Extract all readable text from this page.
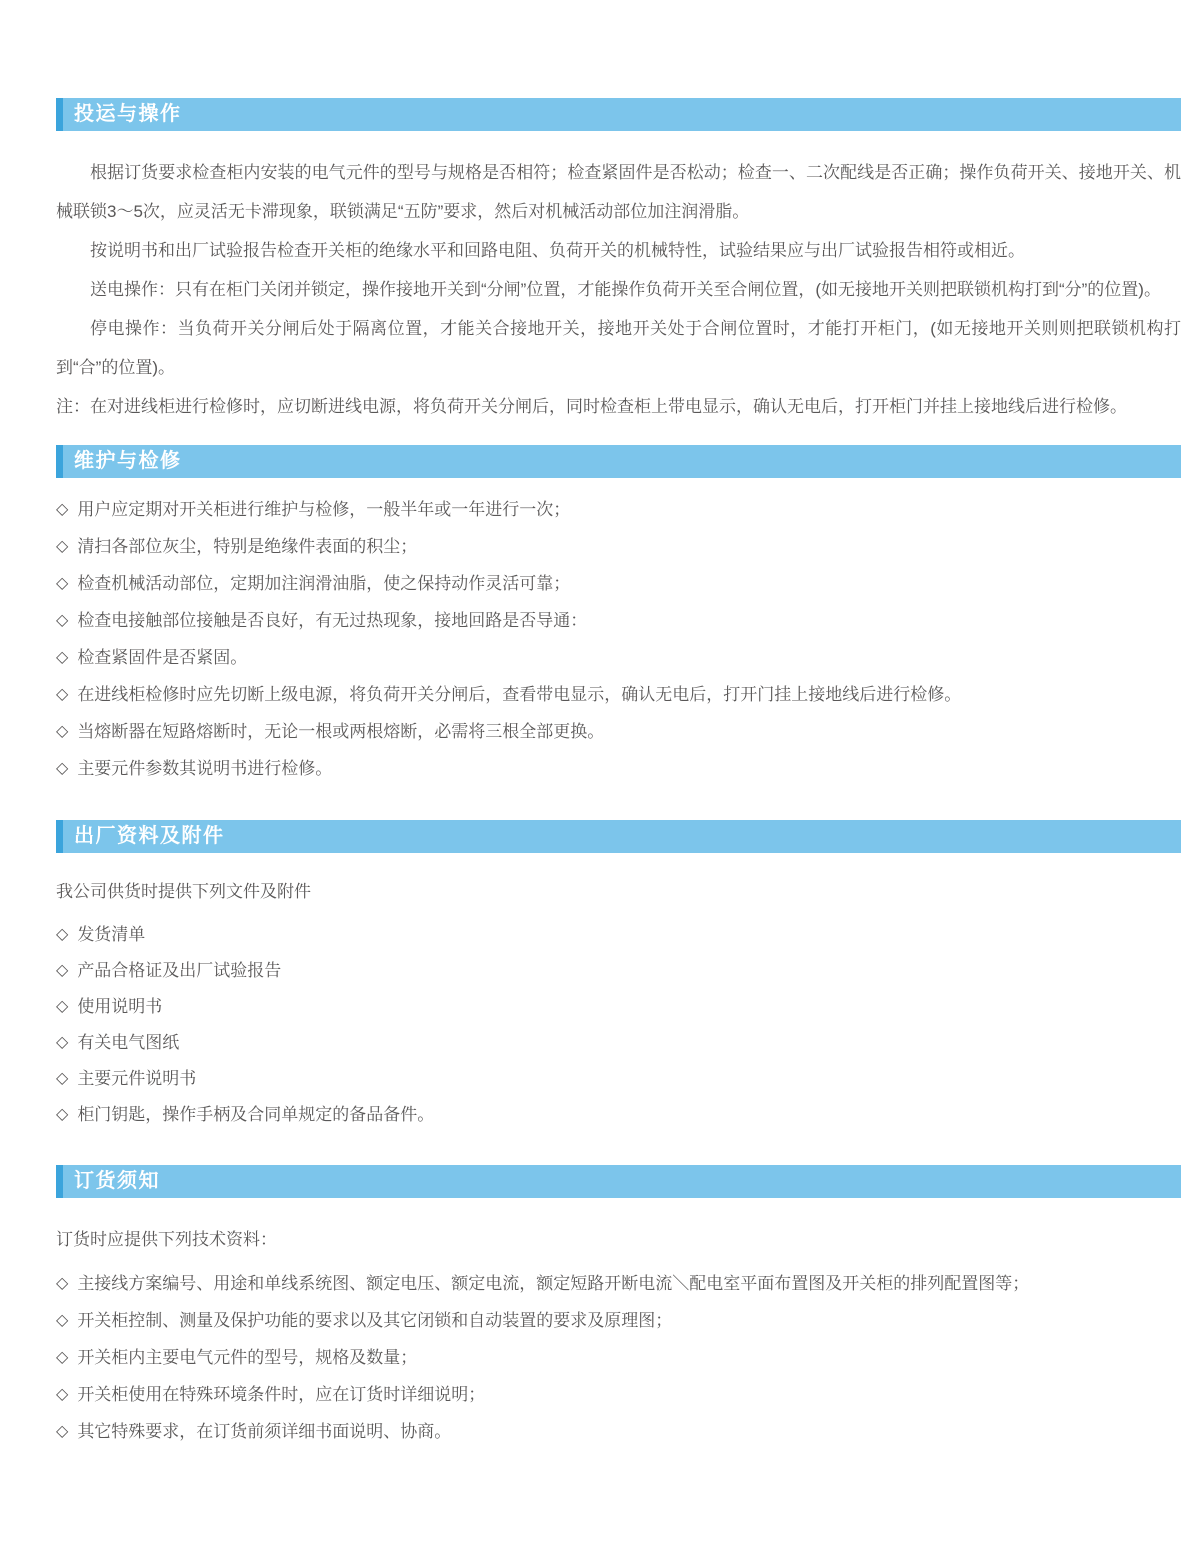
投运与操作

根据订货要求检查柜内安装的电气元件的型号与规格是否相符；检查紧固件是否松动；检查一、二次配线是否正确；操作负荷开关、接地开关、机械联锁3～5次，应灵活无卡滞现象，联锁满足“五防”要求，然后对机械活动部位加注润滑脂。

按说明书和出厂试验报告检查开关柜的绝缘水平和回路电阻、负荷开关的机械特性，试验结果应与出厂试验报告相符或相近。

送电操作：只有在柜门关闭并锁定，操作接地开关到“分闸”位置，才能操作负荷开关至合闸位置，(如无接地开关则把联锁机构打到“分”的位置)。

停电操作：当负荷开关分闸后处于隔离位置，才能关合接地开关，接地开关处于合闸位置时，才能打开柜门，(如无接地开关则则把联锁机构打到“合”的位置)。

注：在对进线柜进行检修时，应切断进线电源，将负荷开关分闸后，同时检查柜上带电显示，确认无电后，打开柜门并挂上接地线后进行检修。

维护与检修
◇ 用户应定期对开关柜进行维护与检修，一般半年或一年进行一次；
◇ 清扫各部位灰尘，特别是绝缘件表面的积尘；
◇ 检查机械活动部位，定期加注润滑油脂，使之保持动作灵活可靠；
◇ 检查电接触部位接触是否良好，有无过热现象，接地回路是否导通：
◇ 检查紧固件是否紧固。
◇ 在进线柜检修时应先切断上级电源，将负荷开关分闸后，查看带电显示，确认无电后，打开门挂上接地线后进行检修。
◇ 当熔断器在短路熔断时，无论一根或两根熔断，必需将三根全部更换。
◇ 主要元件参数其说明书进行检修。
出厂资料及附件
我公司供货时提供下列文件及附件
◇ 发货清单
◇ 产品合格证及出厂试验报告
◇ 使用说明书
◇ 有关电气图纸
◇ 主要元件说明书
◇ 柜门钥匙，操作手柄及合同单规定的备品备件。
订货须知
订货时应提供下列技术资料：
◇ 主接线方案编号、用途和单线系统图、额定电压、额定电流，额定短路开断电流＼配电室平面布置图及开关柜的排列配置图等；
◇ 开关柜控制、测量及保护功能的要求以及其它闭锁和自动装置的要求及原理图；
◇ 开关柜内主要电气元件的型号，规格及数量；
◇ 开关柜使用在特殊环境条件时，应在订货时详细说明；
◇ 其它特殊要求，在订货前须详细书面说明、协商。
